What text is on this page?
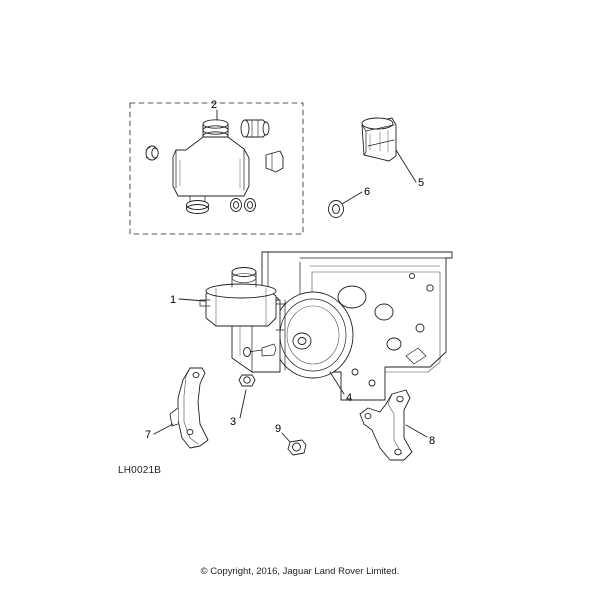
1
2
3
4
5
6
7	8
9
LH0021B
© Copyright, 2016, Jaguar Land Rover Limited.
